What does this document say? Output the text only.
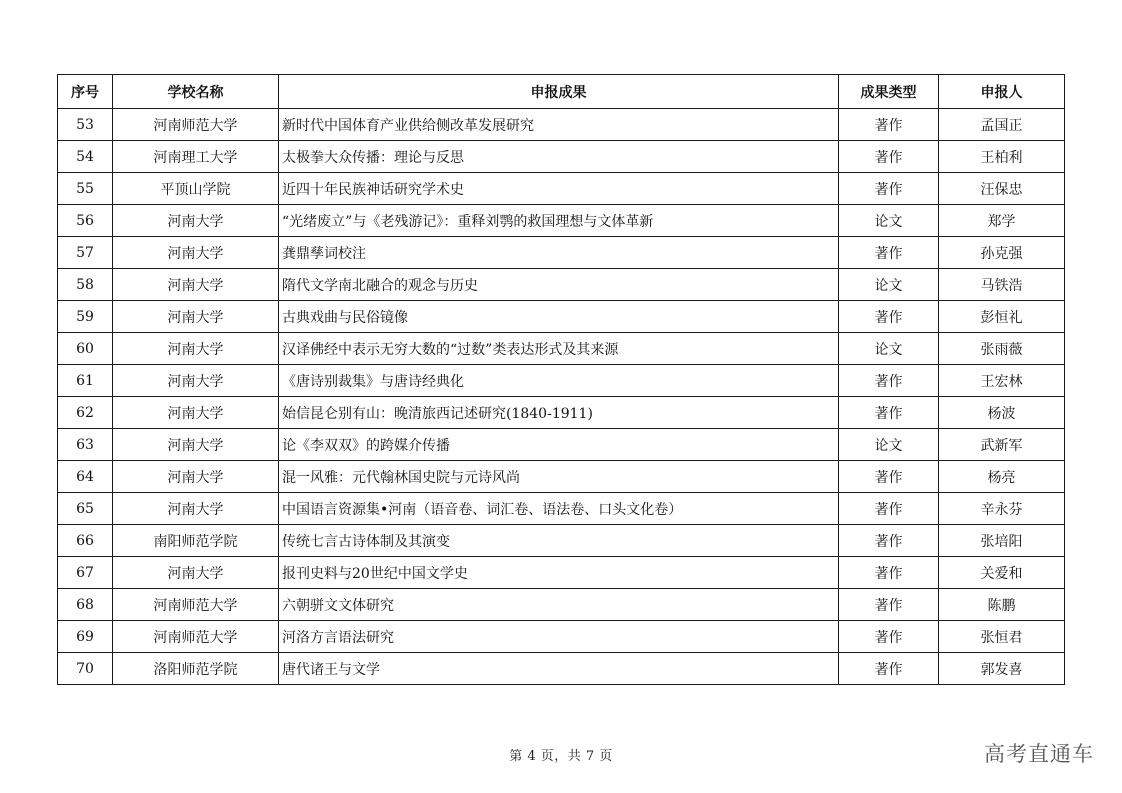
序号	学校名称	申报成果	成果类型	申报人
53	河南师范大学	新时代中国体育产业供给侧改革发展研究	著作	孟国正
54	河南理工大学	太极拳大众传播：理论与反思	著作	王柏利
55	平顶山学院	近四十年民族神话研究学术史	著作	汪保忠
56	河南大学	“光绪废立”与《老残游记》：重释刘鹗的救国理想与文体革新	论文	郑学
57	河南大学	龚鼎孳词校注	著作	孙克强
58	河南大学	隋代文学南北融合的观念与历史	论文	马铁浩
59	河南大学	古典戏曲与民俗镜像	著作	彭恒礼
60	河南大学	汉译佛经中表示无穷大数的“过数”类表达形式及其来源	论文	张雨薇
61	河南大学	《唐诗别裁集》与唐诗经典化	著作	王宏林
62	河南大学	始信昆仑别有山：晚清旅西记述研究(1840-1911)	著作	杨波
63	河南大学	论《李双双》的跨媒介传播	论文	武新军
64	河南大学	混一风雅：元代翰林国史院与元诗风尚	著作	杨亮
65	河南大学	中国语言资源集•河南（语音卷、词汇卷、语法卷、口头文化卷）	著作	辛永芬
66	南阳师范学院	传统七言古诗体制及其演变	著作	张培阳
67	河南大学	报刊史料与20世纪中国文学史	著作	关爱和
68	河南师范大学	六朝骈文文体研究	著作	陈鹏
69	河南师范大学	河洛方言语法研究	著作	张恒君
70	洛阳师范学院	唐代诸王与文学	著作	郭发喜
第 4 页，共 7 页	高考直通车
